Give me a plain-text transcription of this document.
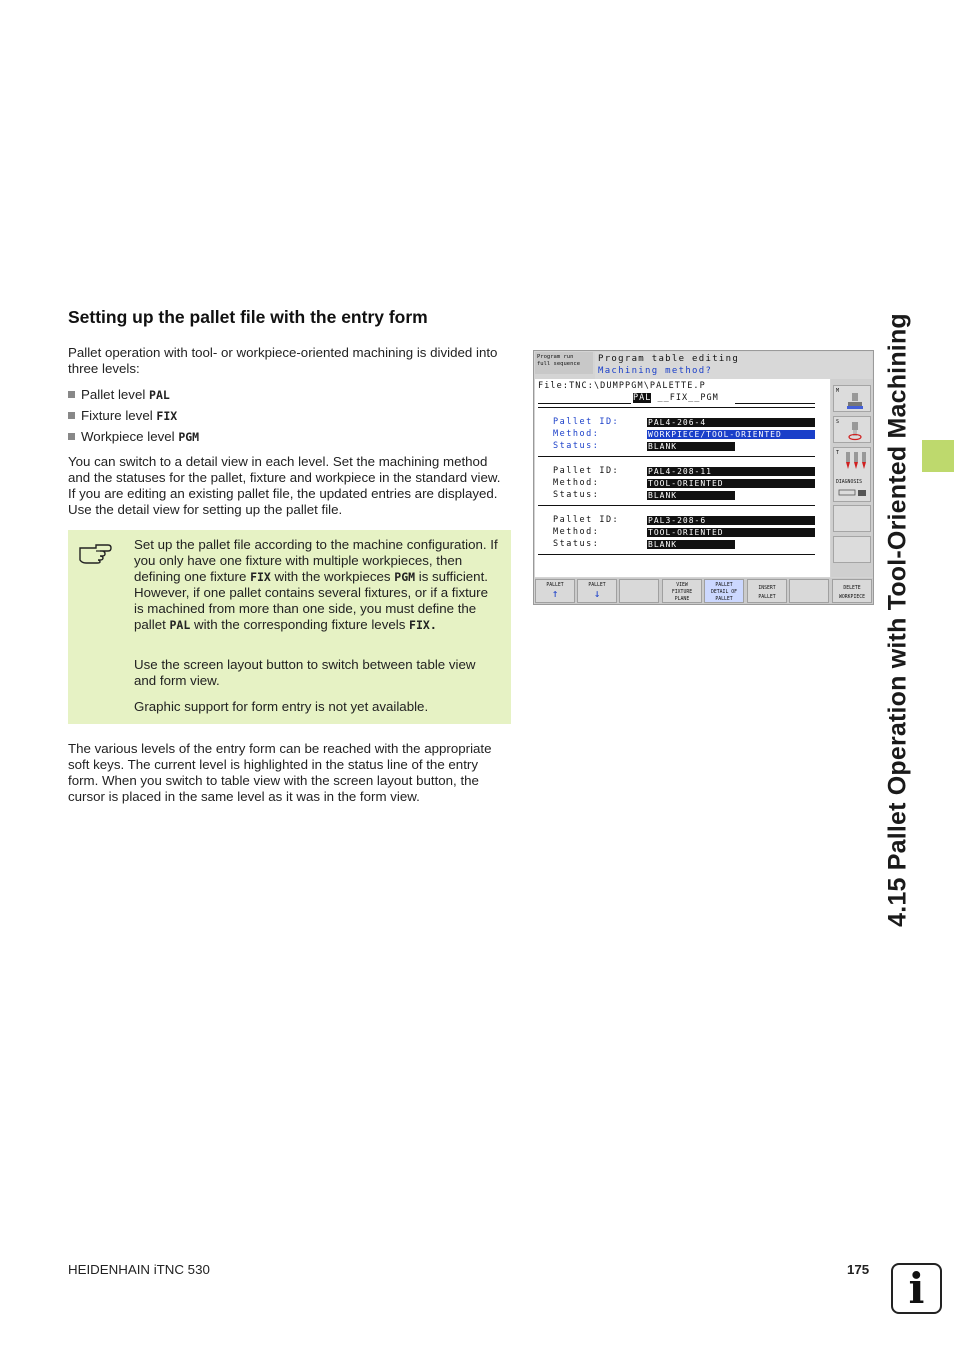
4.15 Pallet Operation with Tool-Oriented Machining
Setting up the pallet file with the entry form

Pallet operation with tool- or workpiece-oriented machining is divided into three levels:

Pallet level PAL
Fixture level FIX
Workpiece level PGM

You can switch to a detail view in each level. Set the machining method and the statuses for the pallet, fixture and workpiece in the standard view. If you are editing an existing pallet file, the updated entries are displayed. Use the detail view for setting up the pallet file.

Set up the pallet file according to the machine configuration. If you only have one fixture with multiple workpieces, then defining one fixture FIX with the workpieces PGM is sufficient. However, if one pallet contains several fixtures, or if a fixture is machined from more than one side, you must define the pallet PAL with the corresponding fixture levels FIX.

Use the screen layout button to switch between table view and form view.

Graphic support for form entry is not yet available.

The various levels of the entry form can be reached with the appropriate soft keys. The current level is highlighted in the status line of the entry form. When you switch to table view with the screen layout button, the cursor is placed in the same level as it was in the form view.

Program run
full sequence	Program table editing
Machining method?
File:TNC:\DUMPPGM\PALETTE.P
PAL __FIX__PGM
Pallet ID:	PAL4-206-4
Method:	WORKPIECE/TOOL-ORIENTED
Status:	BLANK
Pallet ID:	PAL4-208-11
Method:	TOOL-ORIENTED
Status:	BLANK
Pallet ID:	PAL3-208-6
Method:	TOOL-ORIENTED
Status:	BLANK
M
S
T
DIAGNOSIS
PALLET
↑
PALLET
↓
VIEW
FIXTURE
PLANE
PALLET
DETAIL OF
PALLET
INSERT
PALLET
DELETE
WORKPIECE
HEIDENHAIN iTNC 530	175 i
